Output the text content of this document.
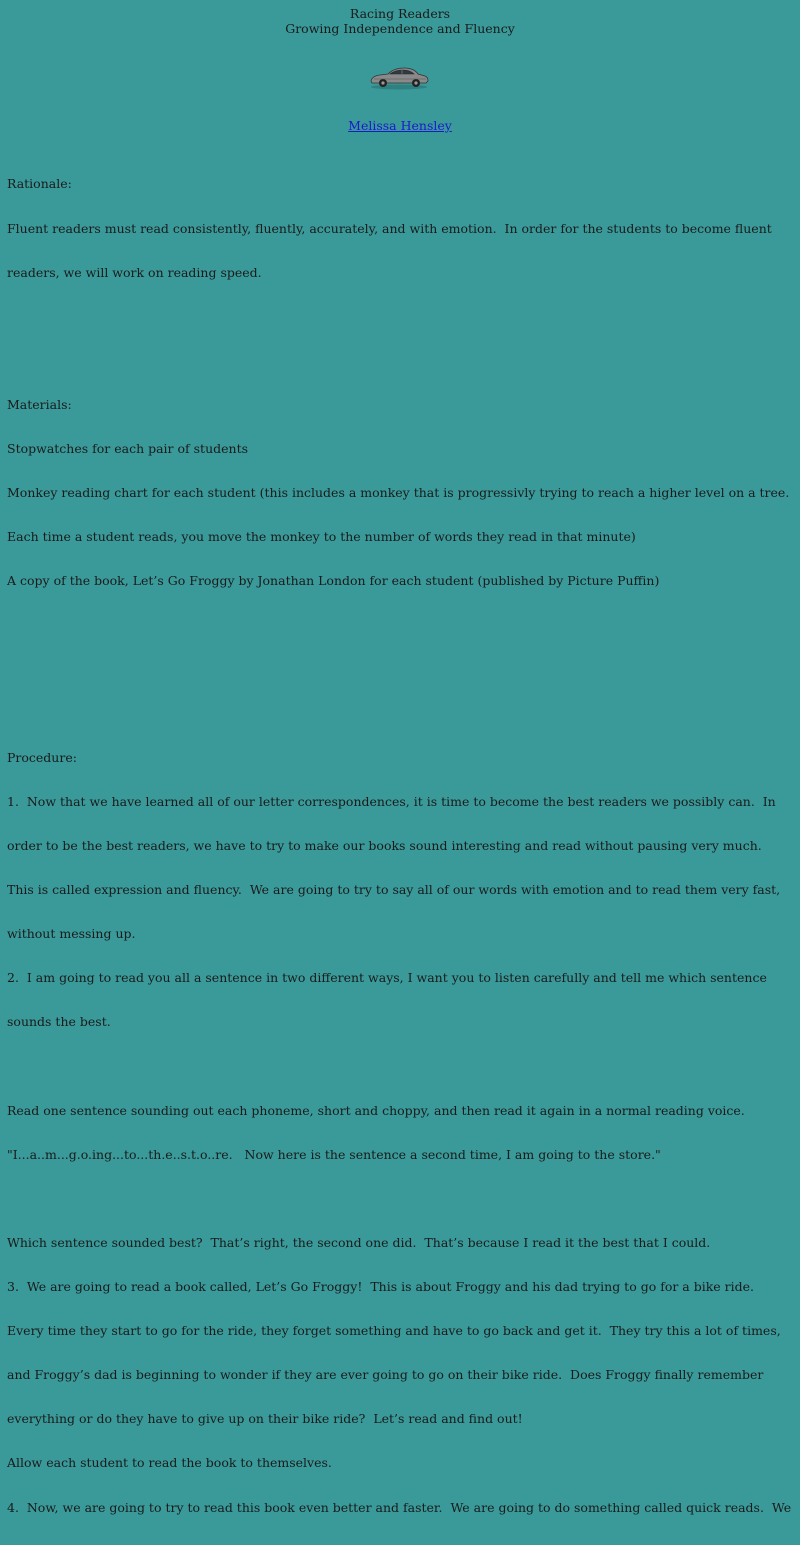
Racing Readers
Growing Independence and Fluency
Melissa Hensley

Rationale:

Fluent readers must read consistently, fluently, accurately, and with emotion.  In order for the students to become fluent

readers, we will work on reading speed.

Materials:

Stopwatches for each pair of students

Monkey reading chart for each student (this includes a monkey that is progressivly trying to reach a higher level on a tree.

Each time a student reads, you move the monkey to the number of words they read in that minute)

A copy of the book, Let’s Go Froggy by Jonathan London for each student (published by Picture Puffin)

Procedure:

1.  Now that we have learned all of our letter correspondences, it is time to become the best readers we possibly can.  In

order to be the best readers, we have to try to make our books sound interesting and read without pausing very much.

This is called expression and fluency.  We are going to try to say all of our words with emotion and to read them very fast,

without messing up.

2.  I am going to read you all a sentence in two different ways, I want you to listen carefully and tell me which sentence

sounds the best.

Read one sentence sounding out each phoneme, short and choppy, and then read it again in a normal reading voice.

"I...a..m...g.o.ing...to...th.e..s.t.o..re.   Now here is the sentence a second time, I am going to the store."

Which sentence sounded best?  That’s right, the second one did.  That’s because I read it the best that I could.

3.  We are going to read a book called, Let’s Go Froggy!  This is about Froggy and his dad trying to go for a bike ride.

Every time they start to go for the ride, they forget something and have to go back and get it.  They try this a lot of times,

and Froggy’s dad is beginning to wonder if they are ever going to go on their bike ride.  Does Froggy finally remember

everything or do they have to give up on their bike ride?  Let’s read and find out!

Allow each student to read the book to themselves.

4.  Now, we are going to try to read this book even better and faster.  We are going to do something called quick reads.  We
